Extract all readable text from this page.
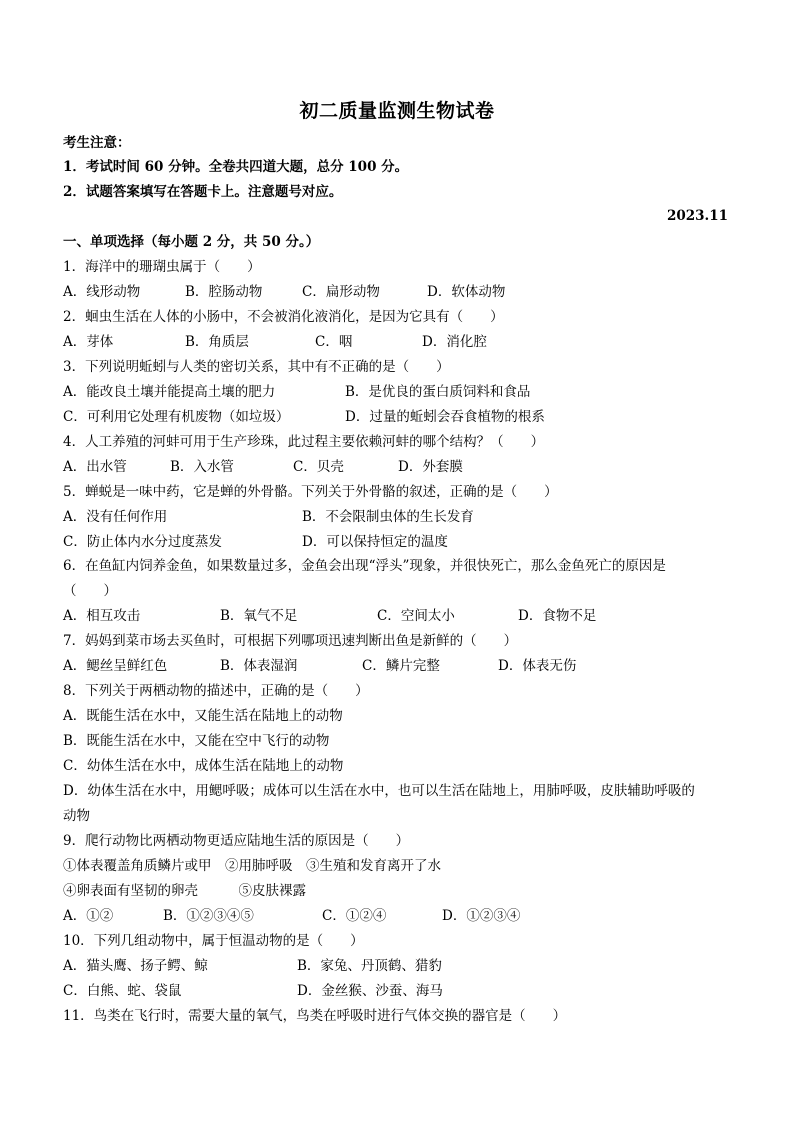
初二质量监测生物试卷
考生注意：
1．考试时间 60 分钟。全卷共四道大题，总分 100 分。
2．试题答案填写在答题卡上。注意题号对应。
2023.11
一、单项选择（每小题 2 分，共 50 分。）
1．海洋中的珊瑚虫属于（　　）
A．线形动物	B．腔肠动物	C．扁形动物	D．软体动物
2．蛔虫生活在人体的小肠中，不会被消化液消化，是因为它具有（　　）
A．芽体	B．角质层	C．咽	D．消化腔
3．下列说明蚯蚓与人类的密切关系，其中有不正确的是（　　）
A．能改良土壤并能提高土壤的肥力	B．是优良的蛋白质饲料和食品
C．可利用它处理有机废物（如垃圾）	D．过量的蚯蚓会吞食植物的根系
4．人工养殖的河蚌可用于生产珍珠，此过程主要依赖河蚌的哪个结构？（　　）
A．出水管	B．入水管	C．贝壳	D．外套膜
5．蝉蜕是一味中药，它是蝉的外骨骼。下列关于外骨骼的叙述，正确的是（　　）
A．没有任何作用	B．不会限制虫体的生长发育
C．防止体内水分过度蒸发	D．可以保持恒定的温度
6．在鱼缸内饲养金鱼，如果数量过多，金鱼会出现“浮头”现象，并很快死亡，那么金鱼死亡的原因是
（　　）
A．相互攻击	B．氧气不足	C．空间太小	D．食物不足
7．妈妈到菜市场去买鱼时，可根据下列哪项迅速判断出鱼是新鲜的（　　）
A．鳃丝呈鲜红色	B．体表湿润	C．鳞片完整	D．体表无伤
8．下列关于两栖动物的描述中，正确的是（　　）
A．既能生活在水中，又能生活在陆地上的动物
B．既能生活在水中，又能在空中飞行的动物
C．幼体生活在水中，成体生活在陆地上的动物
D．幼体生活在水中，用鳃呼吸；成体可以生活在水中，也可以生活在陆地上，用肺呼吸，皮肤辅助呼吸的
动物
9．爬行动物比两栖动物更适应陆地生活的原因是（　　）
①体表覆盖角质鳞片或甲　②用肺呼吸　③生殖和发育离开了水
④卵表面有坚韧的卵壳　　　⑤皮肤裸露
A．①②	B．①②③④⑤	C．①②④	D．①②③④
10．下列几组动物中，属于恒温动物的是（　　）
A．猫头鹰、扬子鳄、鲸	B．家兔、丹顶鹤、猎豹
C．白熊、蛇、袋鼠	D．金丝猴、沙蚕、海马
11．鸟类在飞行时，需要大量的氧气，鸟类在呼吸时进行气体交换的器官是（　　）
